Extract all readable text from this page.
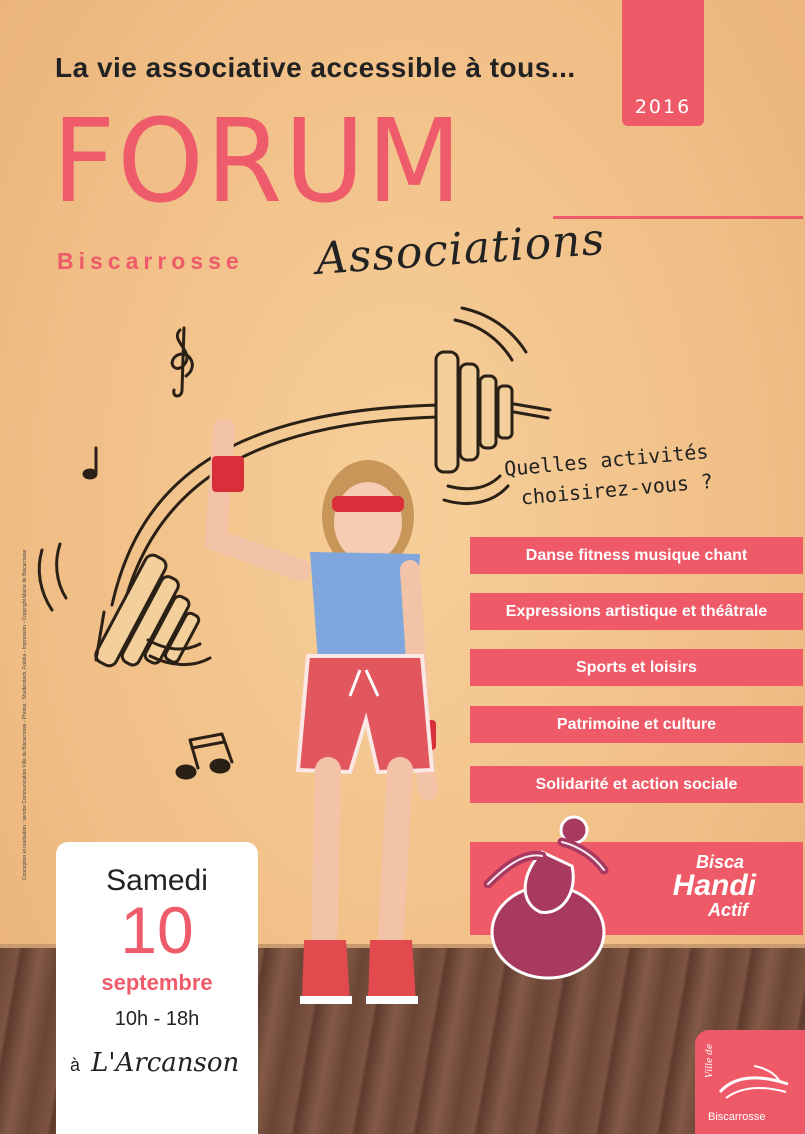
La vie associative accessible à tous...
2016
FORUM
Biscarrosse Associations
Quelles activités
choisirez-vous ?
Danse fitness musique chant
Expressions artistique et théâtrale
Sports et loisirs
Patrimoine et culture
Solidarité et action sociale
Bisca
Handi
Actif
Samedi
10
septembre
10h - 18h
à L'Arcanson
Conception et réalisation : service Communication Ville de Biscarrosse - Photos : Shutterstock, Fotolia - Impression - Copyright Mairie de Biscarrosse
Ville de
Biscarrosse
